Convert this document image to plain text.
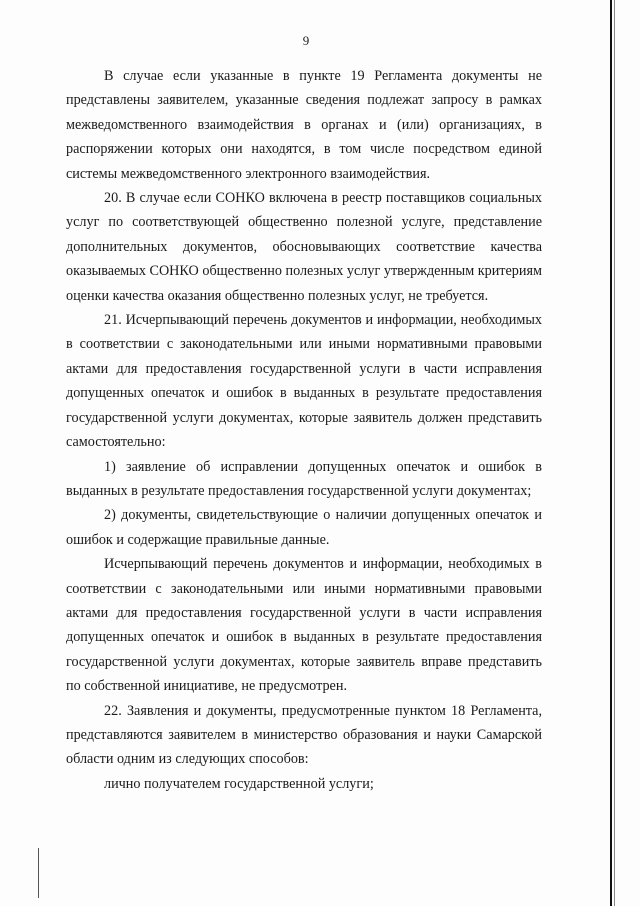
9

В случае если указанные в пункте 19 Регламента документы не представлены заявителем, указанные сведения подлежат запросу в рамках межведомственного взаимодействия в органах и (или) организациях, в распоряжении которых они находятся, в том числе посредством единой системы межведомственного электронного взаимодействия.

20. В случае если СОНКО включена в реестр поставщиков социальных услуг по соответствующей общественно полезной услуге, представление дополнительных документов, обосновывающих соответствие качества оказываемых СОНКО общественно полезных услуг утвержденным критериям оценки качества оказания общественно полезных услуг, не требуется.

21. Исчерпывающий перечень документов и информации, необходимых в соответствии с законодательными или иными нормативными правовыми актами для предоставления государственной услуги в части исправления допущенных опечаток и ошибок в выданных в результате предоставления государственной услуги документах, которые заявитель должен представить самостоятельно:

1) заявление об исправлении допущенных опечаток и ошибок в выданных в результате предоставления государственной услуги документах;

2) документы, свидетельствующие о наличии допущенных опечаток и ошибок и содержащие правильные данные.

Исчерпывающий перечень документов и информации, необходимых в соответствии с законодательными или иными нормативными правовыми актами для предоставления государственной услуги в части исправления допущенных опечаток и ошибок в выданных в результате предоставления государственной услуги документах, которые заявитель вправе представить по собственной инициативе, не предусмотрен.

22. Заявления и документы, предусмотренные пунктом 18 Регламента, представляются заявителем в министерство образования и науки Самарской области одним из следующих способов:

лично получателем государственной услуги;
